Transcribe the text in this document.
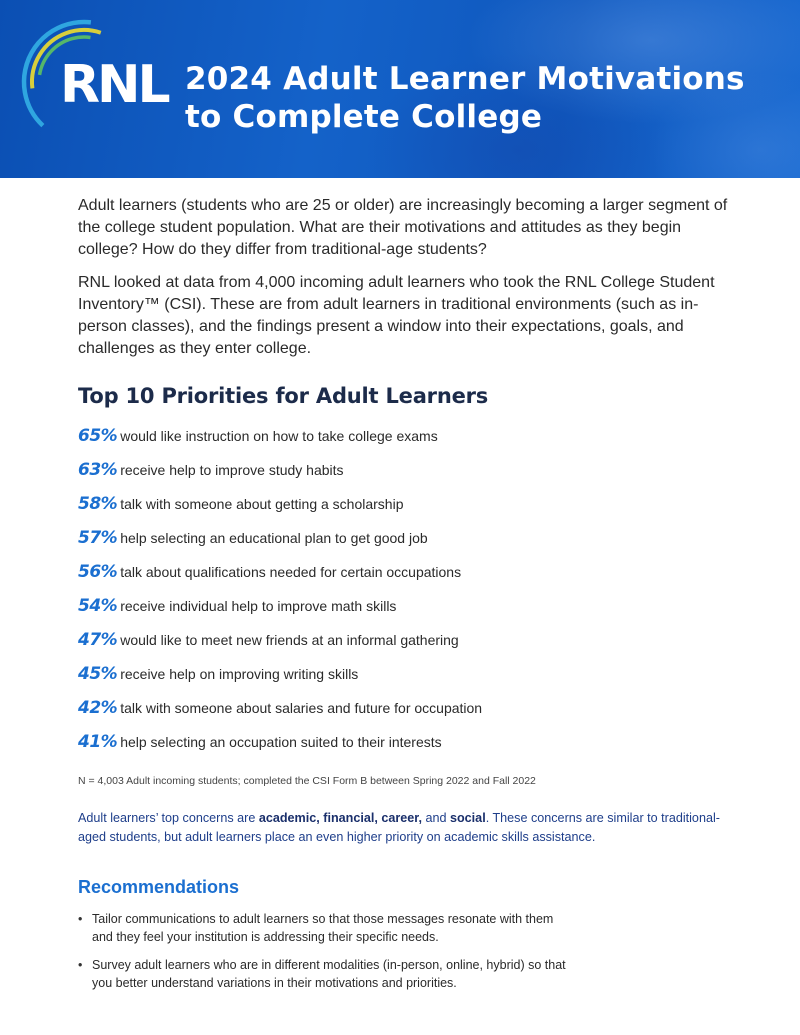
RNL 2024 Adult Learner Motivations
to Complete College

Adult learners (students who are 25 or older) are increasingly becoming a larger segment of the college student population. What are their motivations and attitudes as they begin college? How do they differ from traditional-age students?

RNL looked at data from 4,000 incoming adult learners who took the RNL College Student Inventory™ (CSI). These are from adult learners in traditional environments (such as in-person classes), and the findings present a window into their expectations, goals, and challenges as they enter college.

Top 10 Priorities for Adult Learners
65% would like instruction on how to take college exams
63% receive help to improve study habits
58% talk with someone about getting a scholarship
57% help selecting an educational plan to get good job
56% talk about qualifications needed for certain occupations
54% receive individual help to improve math skills
47% would like to meet new friends at an informal gathering
45% receive help on improving writing skills
42% talk with someone about salaries and future for occupation
41% help selecting an occupation suited to their interests

N = 4,003 Adult incoming students; completed the CSI Form B between Spring 2022 and Fall 2022

Adult learners’ top concerns are academic, financial, career, and social. These concerns are similar to traditional-aged students, but adult learners place an even higher priority on academic skills assistance.

Recommendations
• Tailor communications to adult learners so that those messages resonate with them and they feel your institution is addressing their specific needs.
• Survey adult learners who are in different modalities (in-person, online, hybrid) so that you better understand variations in their motivations and priorities.
